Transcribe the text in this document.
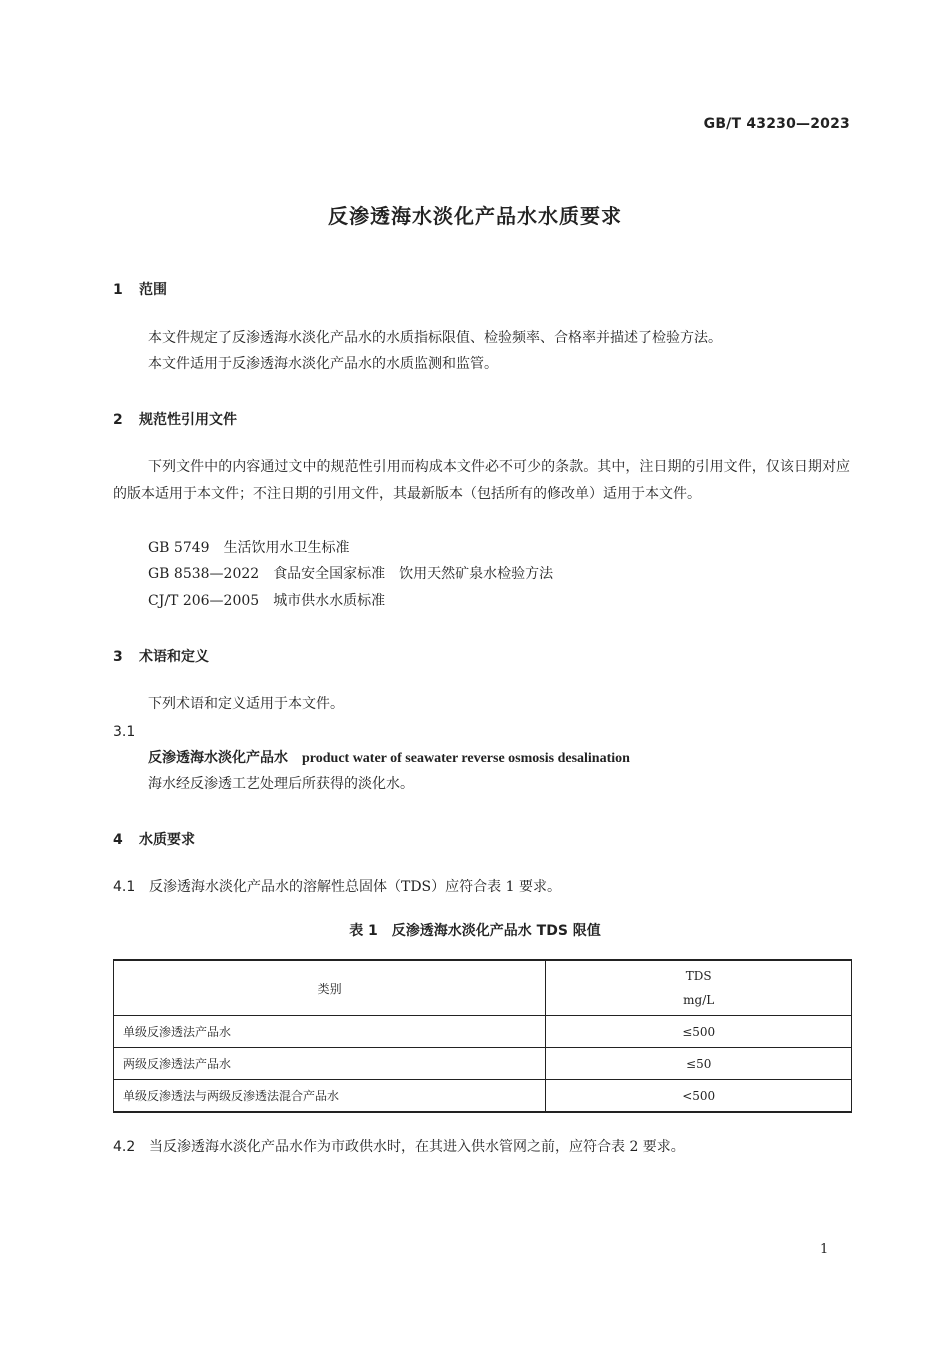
GB/T 43230—2023
反渗透海水淡化产品水水质要求
1 范围
本文件规定了反渗透海水淡化产品水的水质指标限值、检验频率、合格率并描述了检验方法。
本文件适用于反渗透海水淡化产品水的水质监测和监管。
2 规范性引用文件
下列文件中的内容通过文中的规范性引用而构成本文件必不可少的条款。其中，注日期的引用文件，仅该日期对应的版本适用于本文件；不注日期的引用文件，其最新版本（包括所有的修改单）适用于本文件。
GB 5749 生活饮用水卫生标准
GB 8538—2022 食品安全国家标准　饮用天然矿泉水检验方法
CJ/T 206—2005 城市供水水质标准
3 术语和定义
下列术语和定义适用于本文件。
3.1
反渗透海水淡化产品水 product water of seawater reverse osmosis desalination
海水经反渗透工艺处理后所获得的淡化水。
4 水质要求
4.1 反渗透海水淡化产品水的溶解性总固体（TDS）应符合表 1 要求。
表 1　反渗透海水淡化产品水 TDS 限值
类别	TDS
mg/L

单级反渗透法产品水	≤500
两级反渗透法产品水	≤50
单级反渗透法与两级反渗透法混合产品水	<500
4.2 当反渗透海水淡化产品水作为市政供水时，在其进入供水管网之前，应符合表 2 要求。
1
